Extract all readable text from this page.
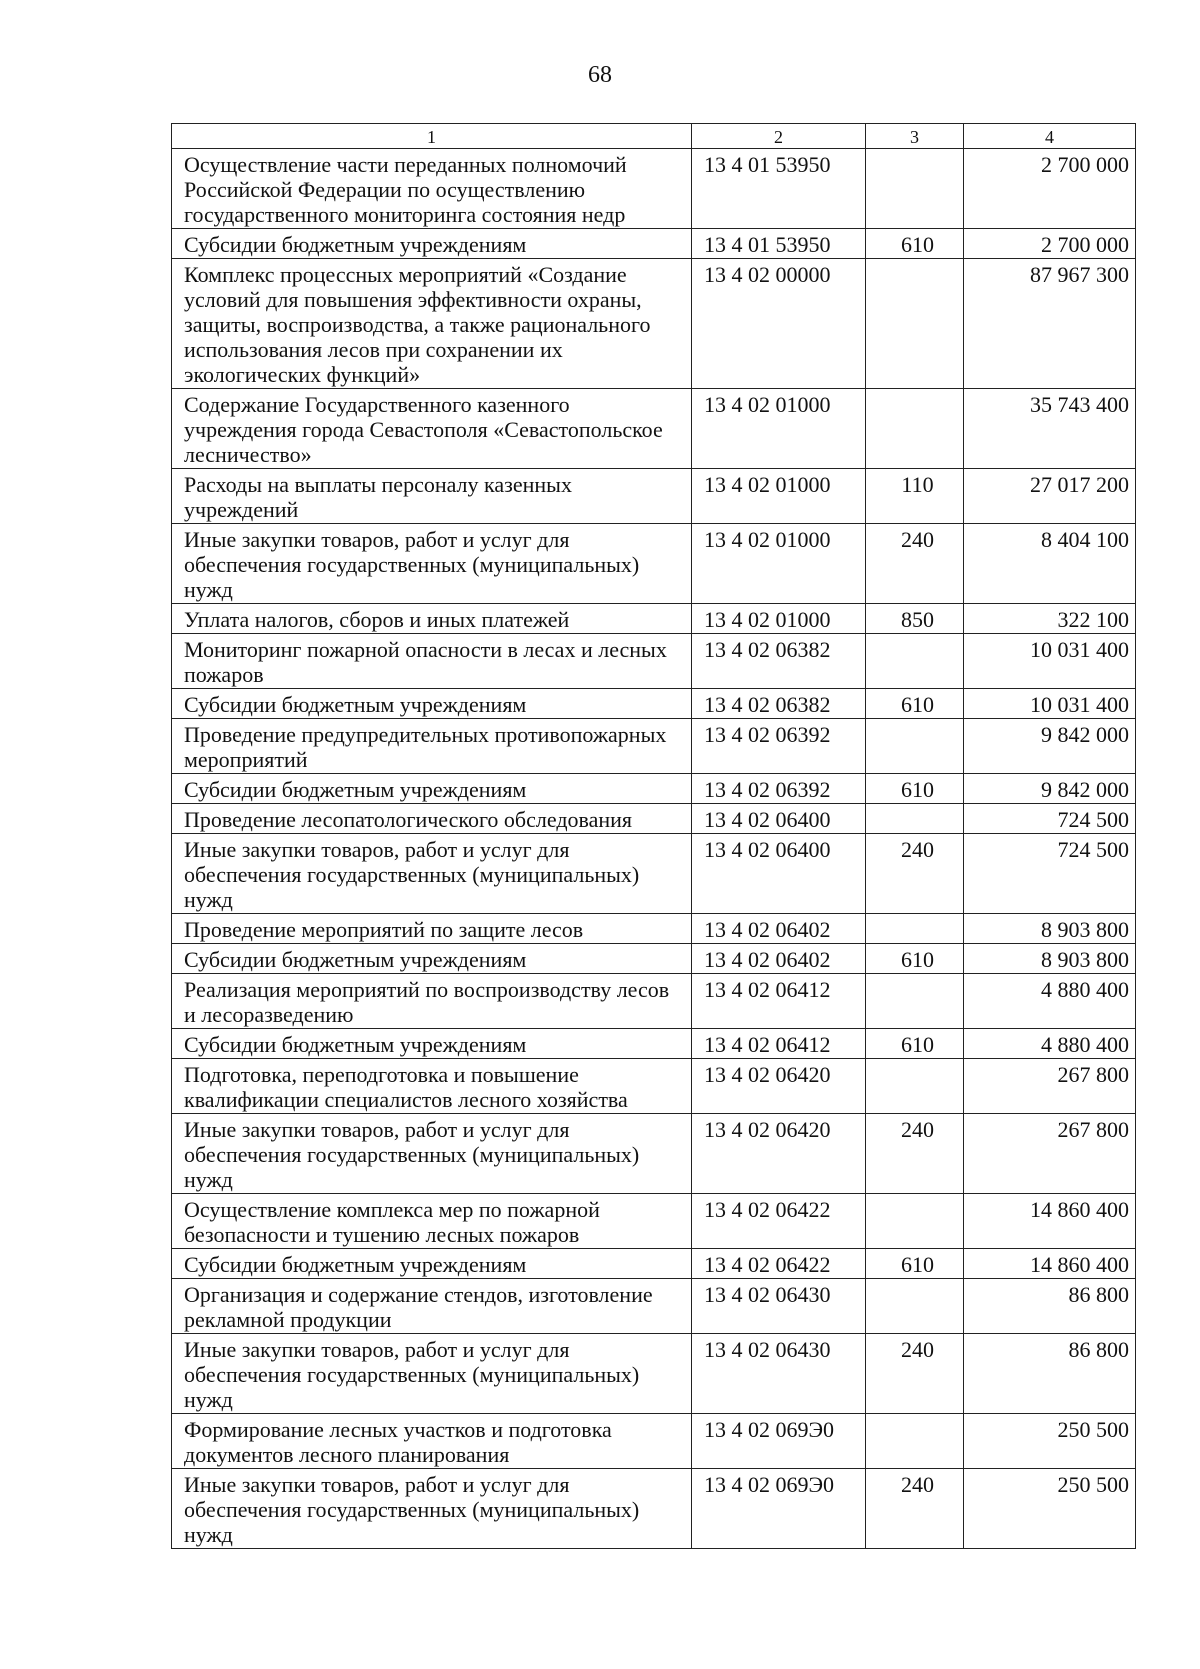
68
1	2	3	4
Осуществление части переданных полномочий Российской Федерации по осуществлению государственного мониторинга состояния недр	13 4 01 53950		2 700 000
Субсидии бюджетным учреждениям	13 4 01 53950	610	2 700 000
Комплекс процессных мероприятий «Создание условий для повышения эффективности охраны, защиты, воспроизводства, а также рационального использования лесов при сохранении их экологических функций»	13 4 02 00000		87 967 300
Содержание Государственного казенного учреждения города Севастополя «Севастопольское лесничество»	13 4 02 01000		35 743 400
Расходы на выплаты персоналу казенных учреждений	13 4 02 01000	110	27 017 200
Иные закупки товаров, работ и услуг для обеспечения государственных (муниципальных) нужд	13 4 02 01000	240	8 404 100
Уплата налогов, сборов и иных платежей	13 4 02 01000	850	322 100
Мониторинг пожарной опасности в лесах и лесных пожаров	13 4 02 06382		10 031 400
Субсидии бюджетным учреждениям	13 4 02 06382	610	10 031 400
Проведение предупредительных противопожарных мероприятий	13 4 02 06392		9 842 000
Субсидии бюджетным учреждениям	13 4 02 06392	610	9 842 000
Проведение лесопатологического обследования	13 4 02 06400		724 500
Иные закупки товаров, работ и услуг для обеспечения государственных (муниципальных) нужд	13 4 02 06400	240	724 500
Проведение мероприятий по защите лесов	13 4 02 06402		8 903 800
Субсидии бюджетным учреждениям	13 4 02 06402	610	8 903 800
Реализация мероприятий по воспроизводству лесов и лесоразведению	13 4 02 06412		4 880 400
Субсидии бюджетным учреждениям	13 4 02 06412	610	4 880 400
Подготовка, переподготовка и повышение квалификации специалистов лесного хозяйства	13 4 02 06420		267 800
Иные закупки товаров, работ и услуг для обеспечения государственных (муниципальных) нужд	13 4 02 06420	240	267 800
Осуществление комплекса мер по пожарной безопасности и тушению лесных пожаров	13 4 02 06422		14 860 400
Субсидии бюджетным учреждениям	13 4 02 06422	610	14 860 400
Организация и содержание стендов, изготовление рекламной продукции	13 4 02 06430		86 800
Иные закупки товаров, работ и услуг для обеспечения государственных (муниципальных) нужд	13 4 02 06430	240	86 800
Формирование лесных участков и подготовка документов лесного планирования	13 4 02 069Э0		250 500
Иные закупки товаров, работ и услуг для обеспечения государственных (муниципальных) нужд	13 4 02 069Э0	240	250 500
